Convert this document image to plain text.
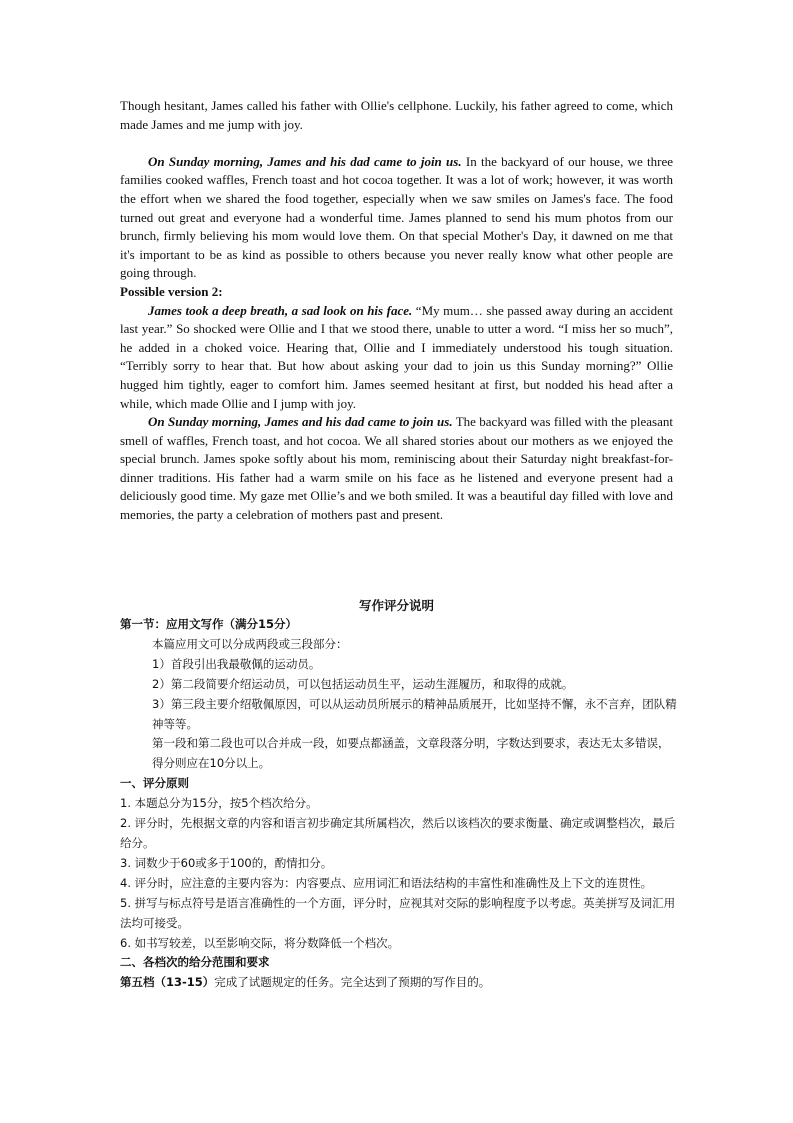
Though hesitant, James called his father with Ollie's cellphone. Luckily, his father agreed to come, which made James and me jump with joy.

On Sunday morning, James and his dad came to join us. In the backyard of our house, we three families cooked waffles, French toast and hot cocoa together. It was a lot of work; however, it was worth the effort when we shared the food together, especially when we saw smiles on James's face. The food turned out great and everyone had a wonderful time. James planned to send his mum photos from our brunch, firmly believing his mom would love them. On that special Mother's Day, it dawned on me that it's important to be as kind as possible to others because you never really know what other people are going through.

Possible version 2:

James took a deep breath, a sad look on his face. “My mum… she passed away during an accident last year.” So shocked were Ollie and I that we stood there, unable to utter a word. “I miss her so much”, he added in a choked voice. Hearing that, Ollie and I immediately understood his tough situation. “Terribly sorry to hear that. But how about asking your dad to join us this Sunday morning?” Ollie hugged him tightly, eager to comfort him. James seemed hesitant at first, but nodded his head after a while, which made Ollie and I jump with joy.

On Sunday morning, James and his dad came to join us. The backyard was filled with the pleasant smell of waffles, French toast, and hot cocoa. We all shared stories about our mothers as we enjoyed the special brunch. James spoke softly about his mom, reminiscing about their Saturday night breakfast-for-dinner traditions. His father had a warm smile on his face as he listened and everyone present had a deliciously good time. My gaze met Ollie’s and we both smiled. It was a beautiful day filled with love and memories, the party a celebration of mothers past and present.

写作评分说明

第一节：应用文写作（满分15分）

本篇应用文可以分成两段或三段部分：

1）首段引出我最敬佩的运动员。

2）第二段简要介绍运动员，可以包括运动员生平，运动生涯履历，和取得的成就。

3）第三段主要介绍敬佩原因，可以从运动员所展示的精神品质展开，比如坚持不懈，永不言弃，团队精神等等。

第一段和第二段也可以合并成一段，如要点都涵盖，文章段落分明，字数达到要求，表达无太多错误，得分则应在10分以上。

一、评分原则

1. 本题总分为15分，按5个档次给分。

2. 评分时，先根据文章的内容和语言初步确定其所属档次，然后以该档次的要求衡量、确定或调整档次，最后给分。

3. 词数少于60或多于100的，酌情扣分。

4. 评分时，应注意的主要内容为：内容要点、应用词汇和语法结构的丰富性和准确性及上下文的连贯性。

5. 拼写与标点符号是语言准确性的一个方面，评分时，应视其对交际的影响程度予以考虑。英美拼写及词汇用法均可接受。

6. 如书写较差，以至影响交际，将分数降低一个档次。

二、各档次的给分范围和要求

第五档（13-15）完成了试题规定的任务。完全达到了预期的写作目的。
